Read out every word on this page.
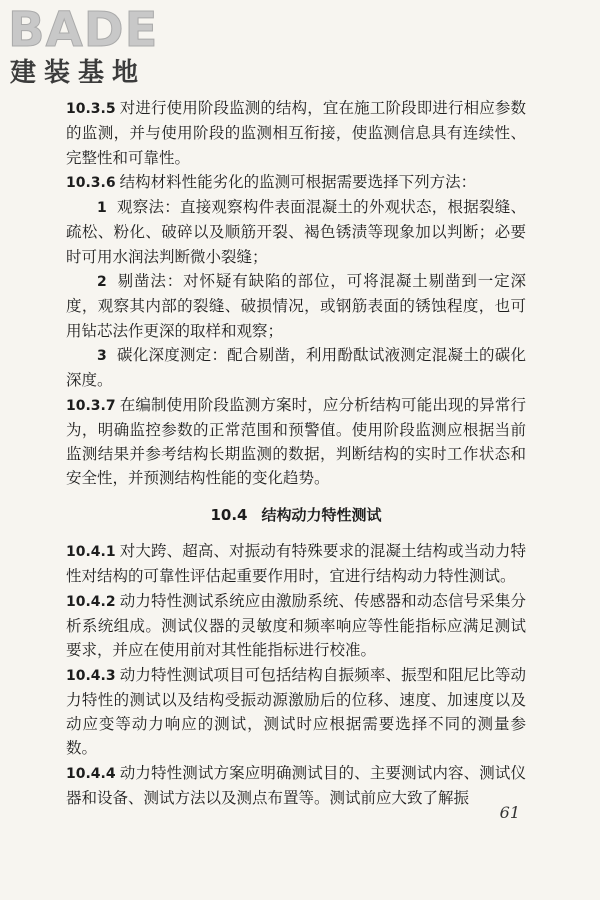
BADE
建装基地

10.3.5 对进行使用阶段监测的结构，宜在施工阶段即进行相应参数的监测，并与使用阶段的监测相互衔接，使监测信息具有连续性、完整性和可靠性。

10.3.6 结构材料性能劣化的监测可根据需要选择下列方法：

1 观察法：直接观察构件表面混凝土的外观状态，根据裂缝、疏松、粉化、破碎以及顺筋开裂、褐色锈渍等现象加以判断；必要时可用水润法判断微小裂缝；

2 剔凿法：对怀疑有缺陷的部位，可将混凝土剔凿到一定深度，观察其内部的裂缝、破损情况，或钢筋表面的锈蚀程度，也可用钻芯法作更深的取样和观察；

3 碳化深度测定：配合剔凿，利用酚酞试液测定混凝土的碳化深度。

10.3.7 在编制使用阶段监测方案时，应分析结构可能出现的异常行为，明确监控参数的正常范围和预警值。使用阶段监测应根据当前监测结果并参考结构长期监测的数据，判断结构的实时工作状态和安全性，并预测结构性能的变化趋势。

10.4 结构动力特性测试

10.4.1 对大跨、超高、对振动有特殊要求的混凝土结构或当动力特性对结构的可靠性评估起重要作用时，宜进行结构动力特性测试。

10.4.2 动力特性测试系统应由激励系统、传感器和动态信号采集分析系统组成。测试仪器的灵敏度和频率响应等性能指标应满足测试要求，并应在使用前对其性能指标进行校准。

10.4.3 动力特性测试项目可包括结构自振频率、振型和阻尼比等动力特性的测试以及结构受振动源激励后的位移、速度、加速度以及动应变等动力响应的测试，测试时应根据需要选择不同的测量参数。

10.4.4 动力特性测试方案应明确测试目的、主要测试内容、测试仪器和设备、测试方法以及测点布置等。测试前应大致了解振

61
